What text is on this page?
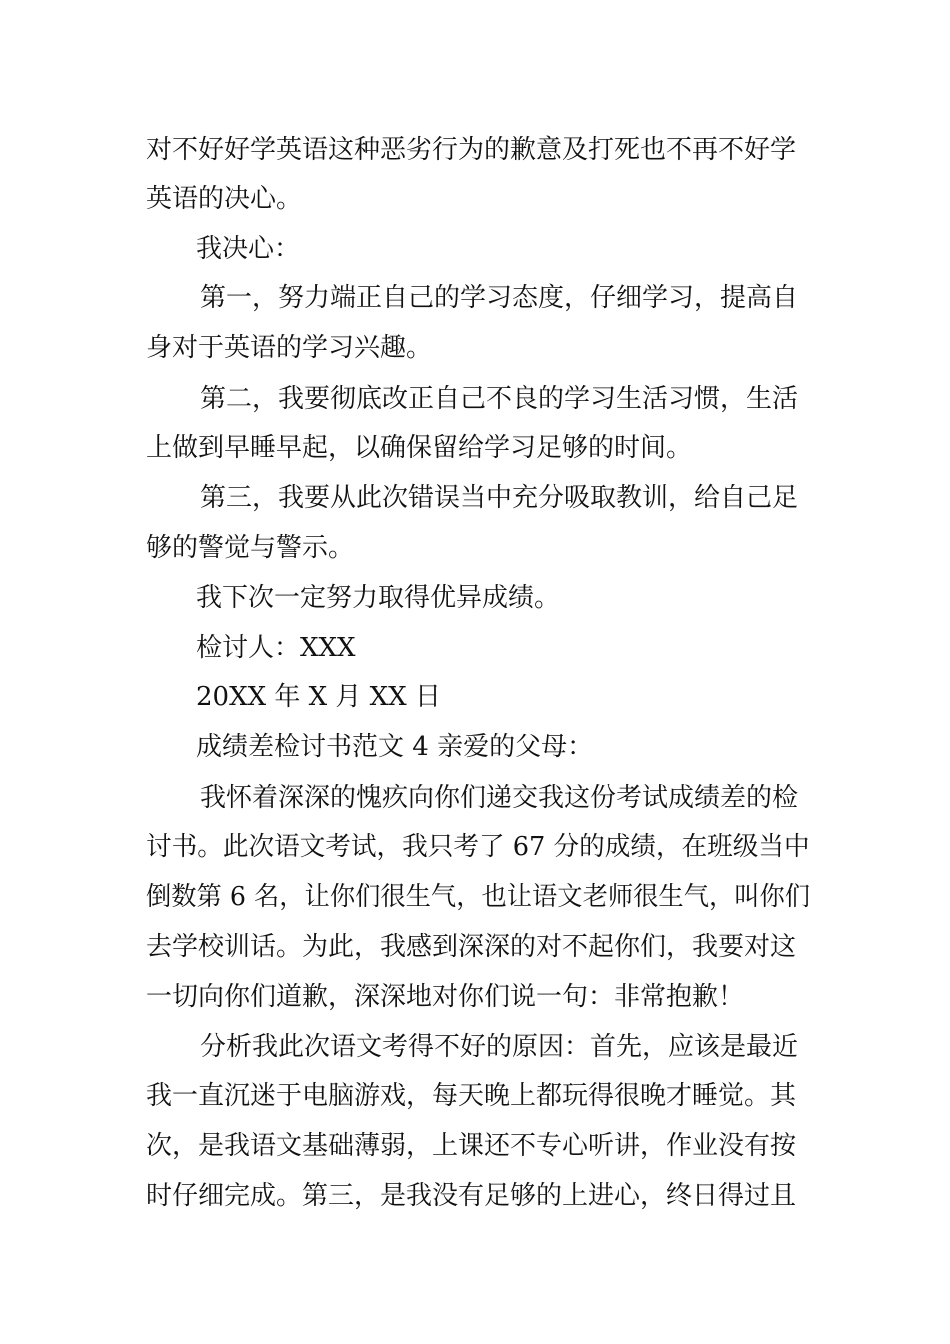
对不好好学英语这种恶劣行为的歉意及打死也不再不好学
英语的决心。
我决心：
第一，努力端正自己的学习态度，仔细学习，提高自
身对于英语的学习兴趣。
第二，我要彻底改正自己不良的学习生活习惯，生活
上做到早睡早起，以确保留给学习足够的时间。
第三，我要从此次错误当中充分吸取教训，给自己足
够的警觉与警示。
我下次一定努力取得优异成绩。
检讨人：XXX
20XX 年 X 月 XX 日
成绩差检讨书范文 4 亲爱的父母：
我怀着深深的愧疚向你们递交我这份考试成绩差的检
讨书。此次语文考试，我只考了 67 分的成绩，在班级当中
倒数第 6 名，让你们很生气，也让语文老师很生气，叫你们
去学校训话。为此，我感到深深的对不起你们，我要对这
一切向你们道歉，深深地对你们说一句：非常抱歉！
分析我此次语文考得不好的原因：首先，应该是最近
我一直沉迷于电脑游戏，每天晚上都玩得很晚才睡觉。其
次，是我语文基础薄弱，上课还不专心听讲，作业没有按
时仔细完成。第三，是我没有足够的上进心，终日得过且
